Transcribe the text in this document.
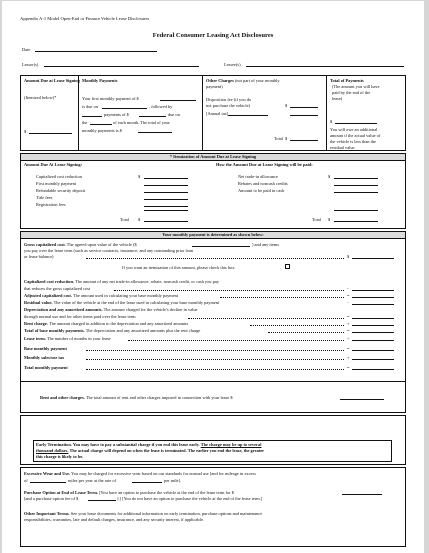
Appendix A-1 Model Open-End or Finance Vehicle Lease Disclosures
Federal Consumer Leasing Act Disclosures
Date
Lessor(s)	Lessee(s)
Amount Due at Lease Signing
(Itemized below)*
$
Monthly Payments
Your first monthly payment of $
is due on	, followed by
payments of $	due on
the	of each month. The total of your
monthly payments is $
Other Charges (not part of your monthly
payment)
Disposition fee (if you do
not purchase the vehicle)	$
[Annual tax]
Total $
Total of Payments
(The amount you will have
paid by the end of the
lease)
$
You will owe an additional
amount if the actual value of
the vehicle is less than the
residual value.
* Itemization of Amount Due at Lease Signing
Amount Due At Lease Signing:
Capitalized cost reduction
First monthly payment
Refundable security deposit
Title fees
Registration fees
$
Total $
How the Amount Due at Lease Signing will be paid:
Net trade-in allowance
Rebates and noncash credits
Amount to be paid in cash
$
Total $
Your monthly payment is determined as shown below:
Gross capitalized cost. The agreed upon value of the vehicle ($	) and any items
you pay over the lease term (such as service contracts, insurance, and any outstanding prior loan
or lease balance)	$
If you want an itemization of this amount, please check this box.
Capitalized cost reduction. The amount of any net trade-in allowance, rebate, noncash credit, or cash you pay
that reduces the gross capitalized cost	-
Adjusted capitalized cost. The amount used in calculating your base monthly payment	=
Residual value. The value of the vehicle at the end of the lease used in calculating your base monthly payment	-
Depreciation and any amortized amounts. The amount charged for the vehicle's decline in value
through normal use and for other items paid over the lease term	=
Rent charge. The amount charged in addition to the depreciation and any amortized amounts	+
Total of base monthly payments. The depreciation and any amortized amounts plus the rent charge	=
Lease term. The number of months in your lease	÷
Base monthly payment	=
Monthly sales/use tax	+
Total monthly payment	=
Rent and other charges. The total amount of rent and other charges imposed in connection with your lease $
Early Termination. You may have to pay a substantial charge if you end this lease early. The charge may be up to several
thousand dollars. The actual charge will depend on when the lease is terminated. The earlier you end the lease, the greater
this charge is likely to be.
Excessive Wear and Use. You may be charged for excessive wear based on our standards for normal use [and for mileage in excess
of	miles per year at the rate of	per mile].
Purchase Option at End of Lease Term. [You have an option to purchase the vehicle at the end of the lease term for $
[and a purchase option fee of $	].] [You do not have an option to purchase the vehicle at the end of the lease term.]
Other Important Terms. See your lease documents for additional information on early termination, purchase options and maintenance
responsibilities, warranties, late and default charges, insurance, and any security interest, if applicable.
